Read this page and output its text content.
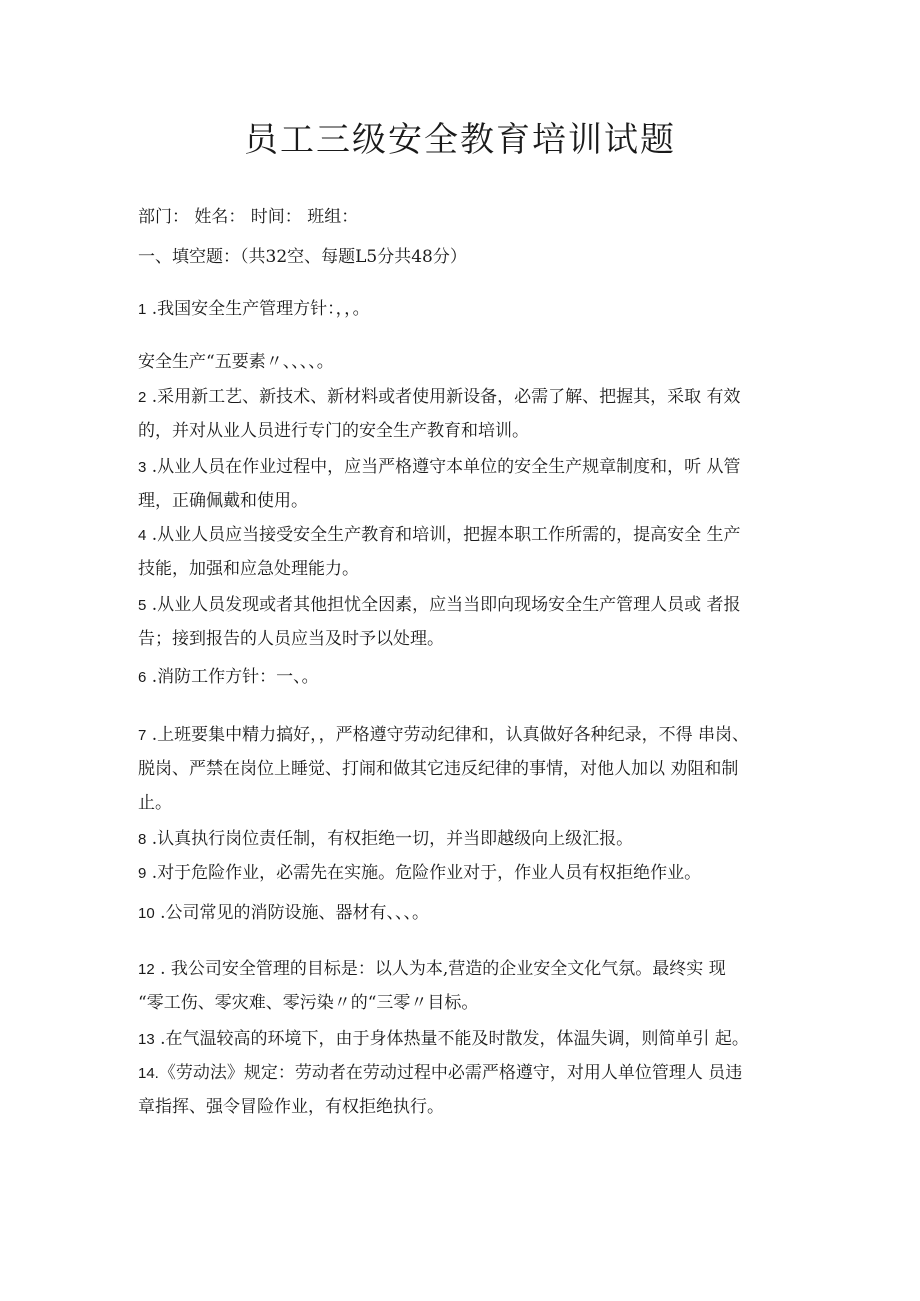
员工三级安全教育培训试题
部门： 姓名： 时间： 班组：
一、填空题：（共32空、每题L5分共48分）
1 .我国安全生产管理方针：，，。
安全生产“五要素〃、、、、。
2 .采用新工艺、新技术、新材料或者使用新设备，必需了解、把握其，采取 有效
的，并对从业人员进行专门的安全生产教育和培训。
3 .从业人员在作业过程中，应当严格遵守本单位的安全生产规章制度和，听 从管
理，正确佩戴和使用。
4 .从业人员应当接受安全生产教育和培训，把握本职工作所需的，提高安全 生产
技能，加强和应急处理能力。
5 .从业人员发现或者其他担忧全因素，应当当即向现场安全生产管理人员或 者报
告；接到报告的人员应当及时予以处理。
6 .消防工作方针：一、。
7 .上班要集中精力搞好，，严格遵守劳动纪律和，认真做好各种纪录，不得 串岗、
脱岗、严禁在岗位上睡觉、打闹和做其它违反纪律的事情，对他人加以 劝阻和制
止。
8 .认真执行岗位责任制，有权拒绝一切，并当即越级向上级汇报。
9 .对于危险作业，必需先在实施。危险作业对于，作业人员有权拒绝作业。
10 .公司常见的消防设施、器材有、、、。
12 . 我公司安全管理的目标是：以人为本,营造的企业安全文化气氛。最终实 现
“零工伤、零灾难、零污染〃的“三零〃目标。
13 .在气温较高的环境下，由于身体热量不能及时散发，体温失调，则简单引 起。
14.《劳动法》规定：劳动者在劳动过程中必需严格遵守，对用人单位管理人 员违
章指挥、强令冒险作业，有权拒绝执行。
